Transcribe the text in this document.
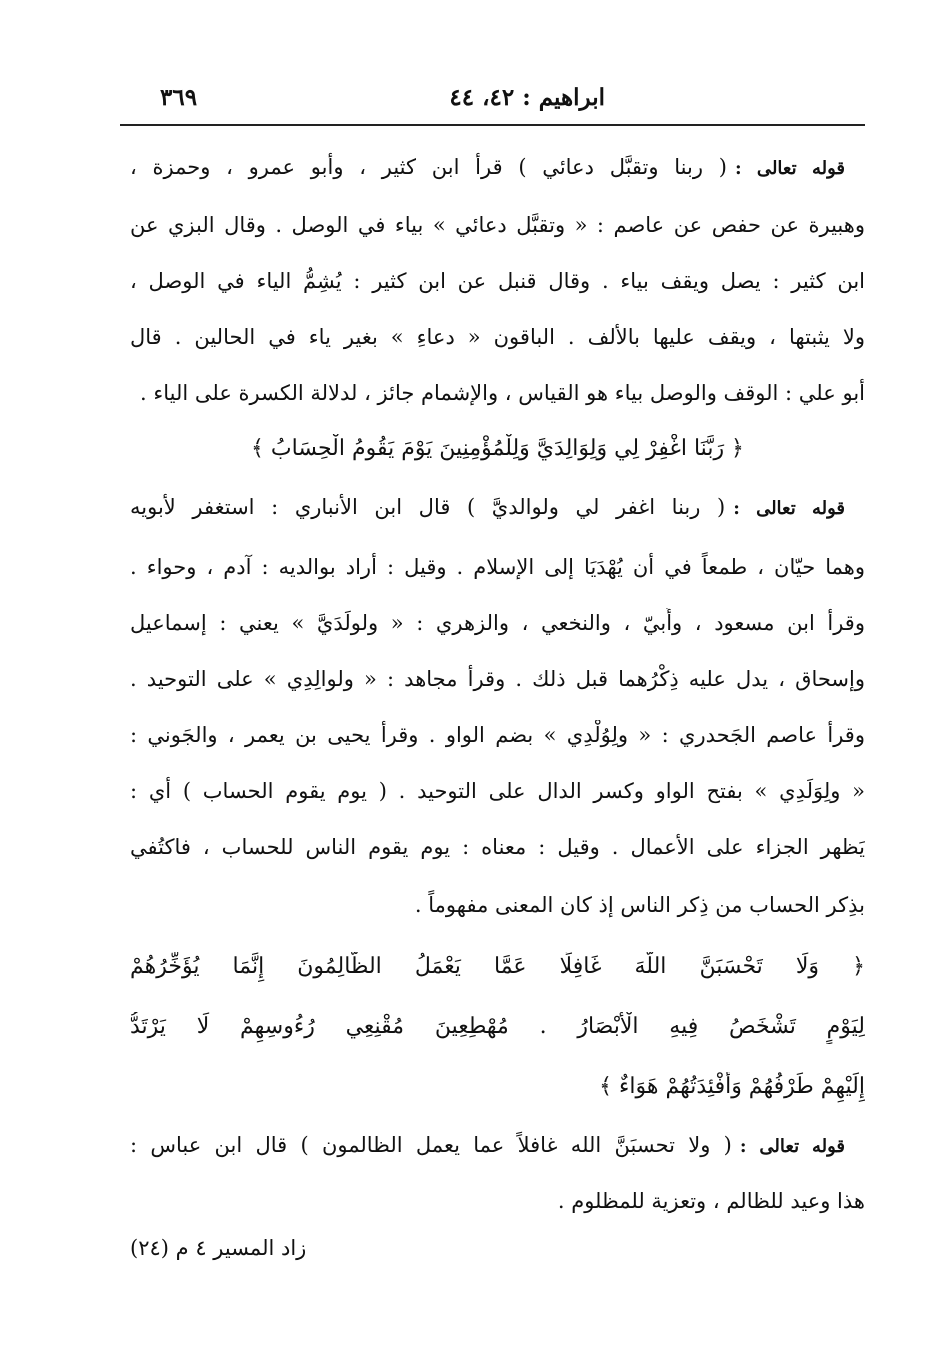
ابراهيم : ٤٢، ٤٤
٣٦٩
قوله تعالى :( ربنا وتقبَّل دعائي ) قرأ ابن كثير ، وأبو عمرو ، وحمزة ،
وهبيرة عن حفص عن عاصم : « وتقبَّل دعائي » بياء في الوصل . وقال البزي عن
ابن كثير : يصل ويقف بياء . وقال قنبل عن ابن كثير : يُشِمُّ الياء في الوصل ،
ولا يثبتها ، ويقف عليها بالألف . الباقون « دعاءِ » بغير ياء في الحالين . قال
أبو علي : الوقف والوصل بياء هو القياس ، والإشمام جائز ، لدلالة الكسرة على الياء .
﴿ رَبَّنَا اغْفِرْ لِي وَلِوَالِدَيَّ وَلِلْمُؤْمِنِينَ يَوْمَ يَقُومُ الْحِسَابُ ﴾
قوله تعالى :( ربنا اغفر لي ولوالديَّ ) قال ابن الأنباري : استغفر لأبويه
وهما حيّان ، طمعاً في أن يُهْدَيَا إلى الإسلام . وقيل : أراد بوالديه : آدم ، وحواء .
وقرأ ابن مسعود ، وأُبيّ ، والنخعي ، والزهري : « ولولَدَيَّ » يعني : إسماعيل
وإسحاق ، يدل عليه ذِكْرُهما قبل ذلك . وقرأ مجاهد : « ولوالِدِي » على التوحيد .
وقرأ عاصم الجَحدري : « ولِوُلْدِي » بضم الواو . وقرأ يحيى بن يعمر ، والجَوني :
« ولِوَلَدِي » بفتح الواو وكسر الدال على التوحيد . ( يوم يقوم الحساب ) أي :
يَظهر الجزاء على الأعمال . وقيل : معناه : يوم يقوم الناس للحساب ، فاكتُفي
بذِكر الحساب من ذِكر الناس إذ كان المعنى مفهوماً .
﴿ وَلَا تَحْسَبَنَّ اللَّهَ غَافِلًا عَمَّا يَعْمَلُ الظَّالِمُونَ إِنَّمَا يُؤَخِّرُهُمْ
لِيَوْمٍ تَشْخَصُ فِيهِ الْأَبْصَارُ . مُهْطِعِينَ مُقْنِعِي رُءُوسِهِمْ لَا يَرْتَدُّ
إِلَيْهِمْ طَرْفُهُمْ وَأَفْئِدَتُهُمْ هَوَاءٌ ﴾
قوله تعالى :( ولا تحسبَنَّ الله غافلاً عما يعمل الظالمون ) قال ابن عباس :
هذا وعيد للظالم ، وتعزية للمظلوم .
زاد المسير ٤ م (٢٤)
